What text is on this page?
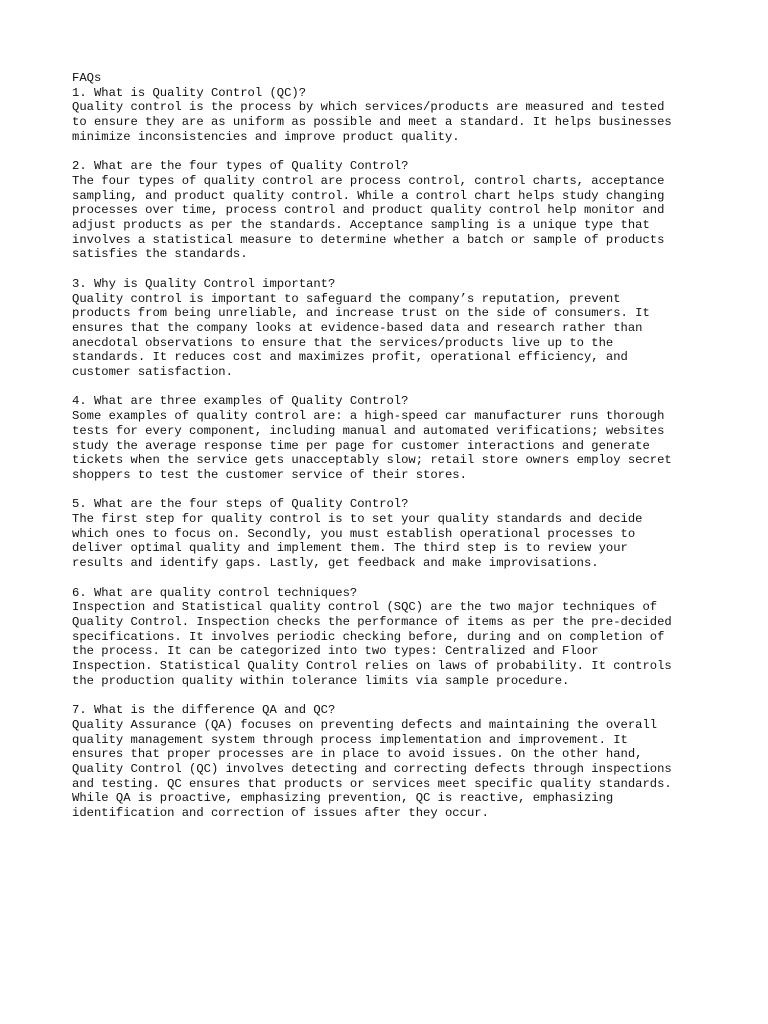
FAQs
1. What is Quality Control (QC)?

Quality control is the process by which services/products are measured and tested
to ensure they are as uniform as possible and meet a standard. It helps businesses
minimize inconsistencies and improve product quality.

2. What are the four types of Quality Control?

The four types of quality control are process control, control charts, acceptance
sampling, and product quality control. While a control chart helps study changing
processes over time, process control and product quality control help monitor and
adjust products as per the standards. Acceptance sampling is a unique type that
involves a statistical measure to determine whether a batch or sample of products
satisfies the standards.

3. Why is Quality Control important?

Quality control is important to safeguard the company’s reputation, prevent
products from being unreliable, and increase trust on the side of consumers. It
ensures that the company looks at evidence-based data and research rather than
anecdotal observations to ensure that the services/products live up to the
standards. It reduces cost and maximizes profit, operational efficiency, and
customer satisfaction.

4. What are three examples of Quality Control?

Some examples of quality control are: a high-speed car manufacturer runs thorough
tests for every component, including manual and automated verifications; websites
study the average response time per page for customer interactions and generate
tickets when the service gets unacceptably slow; retail store owners employ secret
shoppers to test the customer service of their stores.

5. What are the four steps of Quality Control?

The first step for quality control is to set your quality standards and decide
which ones to focus on. Secondly, you must establish operational processes to
deliver optimal quality and implement them. The third step is to review your
results and identify gaps. Lastly, get feedback and make improvisations.

6. What are quality control techniques?

Inspection and Statistical quality control (SQC) are the two major techniques of
Quality Control. Inspection checks the performance of items as per the pre-decided
specifications. It involves periodic checking before, during and on completion of
the process. It can be categorized into two types: Centralized and Floor
Inspection. Statistical Quality Control relies on laws of probability. It controls
the production quality within tolerance limits via sample procedure.

7. What is the difference QA and QC?

Quality Assurance (QA) focuses on preventing defects and maintaining the overall
quality management system through process implementation and improvement. It
ensures that proper processes are in place to avoid issues. On the other hand,
Quality Control (QC) involves detecting and correcting defects through inspections
and testing. QC ensures that products or services meet specific quality standards.
While QA is proactive, emphasizing prevention, QC is reactive, emphasizing
identification and correction of issues after they occur.
